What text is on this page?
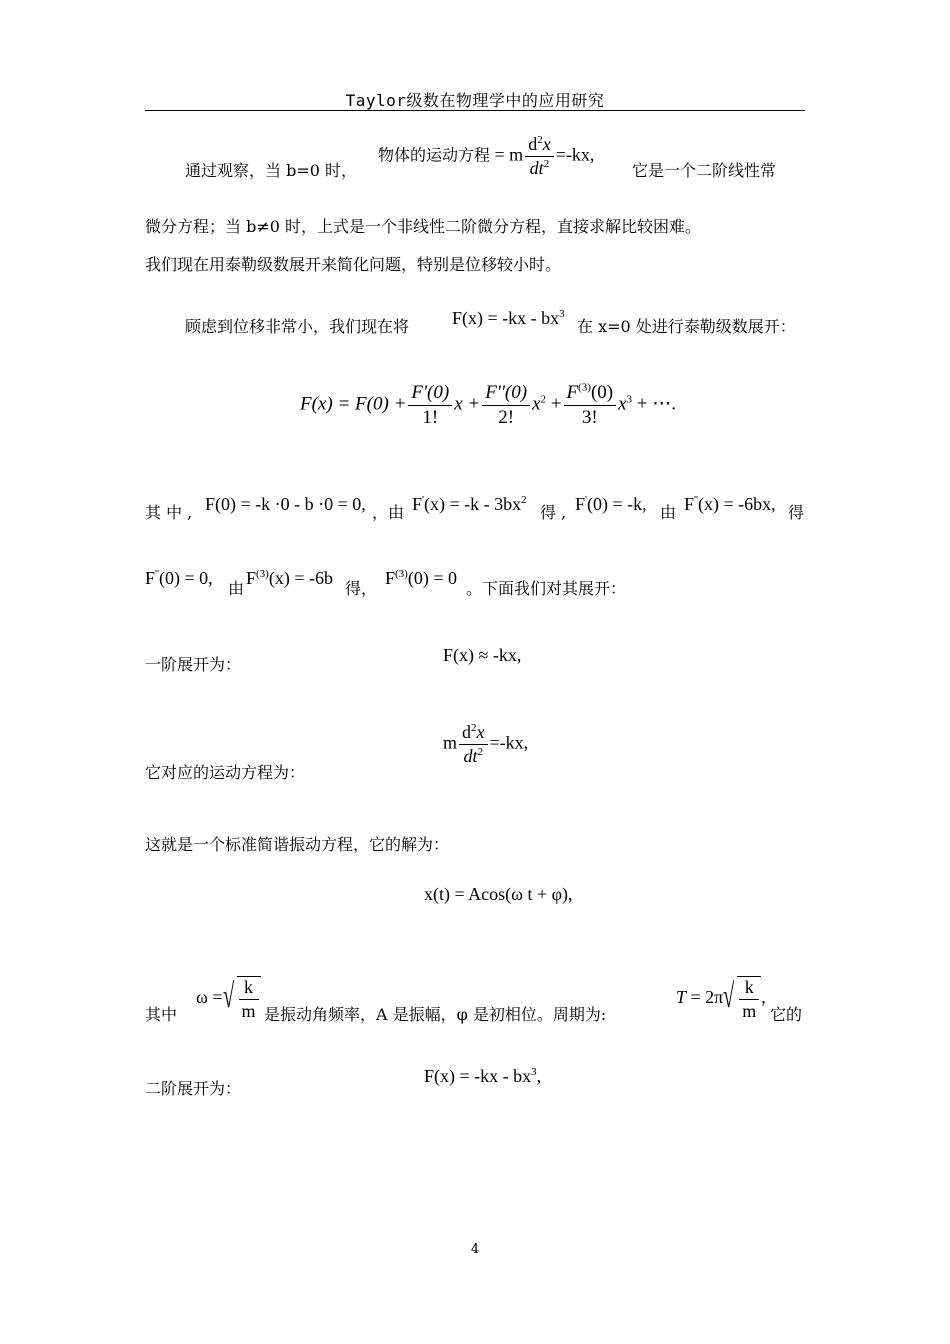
Taylor级数在物理学中的应用研究
通过观察，当 b=0 时，
物体的运动方程 = m $\frac{d^2x}{dt^2} =-kx$,
它是一个二阶线性常
微分方程；当 b≠0 时，上式是一个非线性二阶微分方程，直接求解比较困难。
我们现在用泰勒级数展开来简化问题，特别是位移较小时。
顾虑到位移非常小，我们现在将 $F(x) = -kx - bx^3$
在 x=0 处进行泰勒级数展开：
$F(x) = F(0) + \frac{F'(0)}{1!}$ $x + \frac{F''(0)}{2!} x^2 + \frac{F^{(3)}(0)}{3!} x^3$ + ⋯.
其 中 , F(0) = -k ·0 - b ·0 = 0, ，由 $F'(x) = -k - 3bx^2$
得 , F'(0) = -k, 由 F''(x) = -6bx, 得
F''(0) = 0,
由
$F^{(3)}(x) = -6b$
得，
$F^{(3)}(0) = 0$
。下面我们对其展开：
一阶展开为：	F(x) ≈ -kx,
m $\frac{d^2x}{dt^2} =-kx$,
它对应的运动方程为：
这就是一个标准简谐振动方程，它的解为：
x(t) = Acos(ω t + φ),
其中
ω = √ $\frac{k}{m}$ 是振动角频率，A 是振幅，φ 是初相位。周期为:
T = 2π √ $\frac{k}{m}$ ,
它的
二阶展开为：
$F(x) = -kx - bx^3$,
4
